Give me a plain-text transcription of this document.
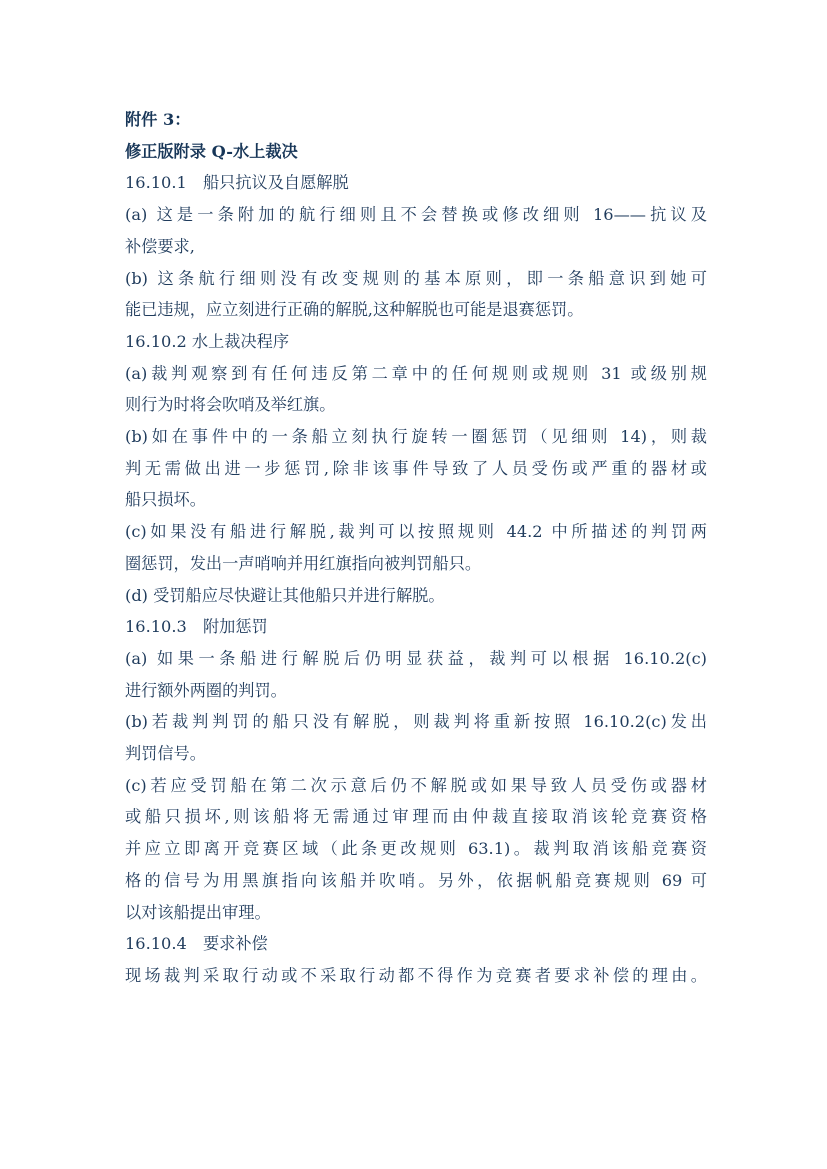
附件 3：
修正版附录 Q-水上裁决
16.10.1　船只抗议及自愿解脱
(a) 这是一条附加的航行细则且不会替换或修改细则 16——抗议及
补偿要求,
(b) 这条航行细则没有改变规则的基本原则，即一条船意识到她可
能已违规，应立刻进行正确的解脱,这种解脱也可能是退赛惩罚。
16.10.2 水上裁决程序
(a)裁判观察到有任何违反第二章中的任何规则或规则 31 或级别规
则行为时将会吹哨及举红旗。
(b)如在事件中的一条船立刻执行旋转一圈惩罚（见细则 14)，则裁
判无需做出进一步惩罚,除非该事件导致了人员受伤或严重的器材或
船只损坏。
(c)如果没有船进行解脱,裁判可以按照规则 44.2 中所描述的判罚两
圈惩罚，发出一声哨响并用红旗指向被判罚船只。
(d) 受罚船应尽快避让其他船只并进行解脱。
16.10.3　附加惩罚
(a) 如果一条船进行解脱后仍明显获益，裁判可以根据 16.10.2(c)
进行额外两圈的判罚。
(b)若裁判判罚的船只没有解脱，则裁判将重新按照 16.10.2(c)发出
判罚信号。
(c)若应受罚船在第二次示意后仍不解脱或如果导致人员受伤或器材
或船只损坏,则该船将无需通过审理而由仲裁直接取消该轮竞赛资格
并应立即离开竞赛区域（此条更改规则 63.1)。裁判取消该船竞赛资
格的信号为用黑旗指向该船并吹哨。另外，依据帆船竞赛规则 69 可
以对该船提出审理。
16.10.4　要求补偿
现场裁判采取行动或不采取行动都不得作为竞赛者要求补偿的理由。
